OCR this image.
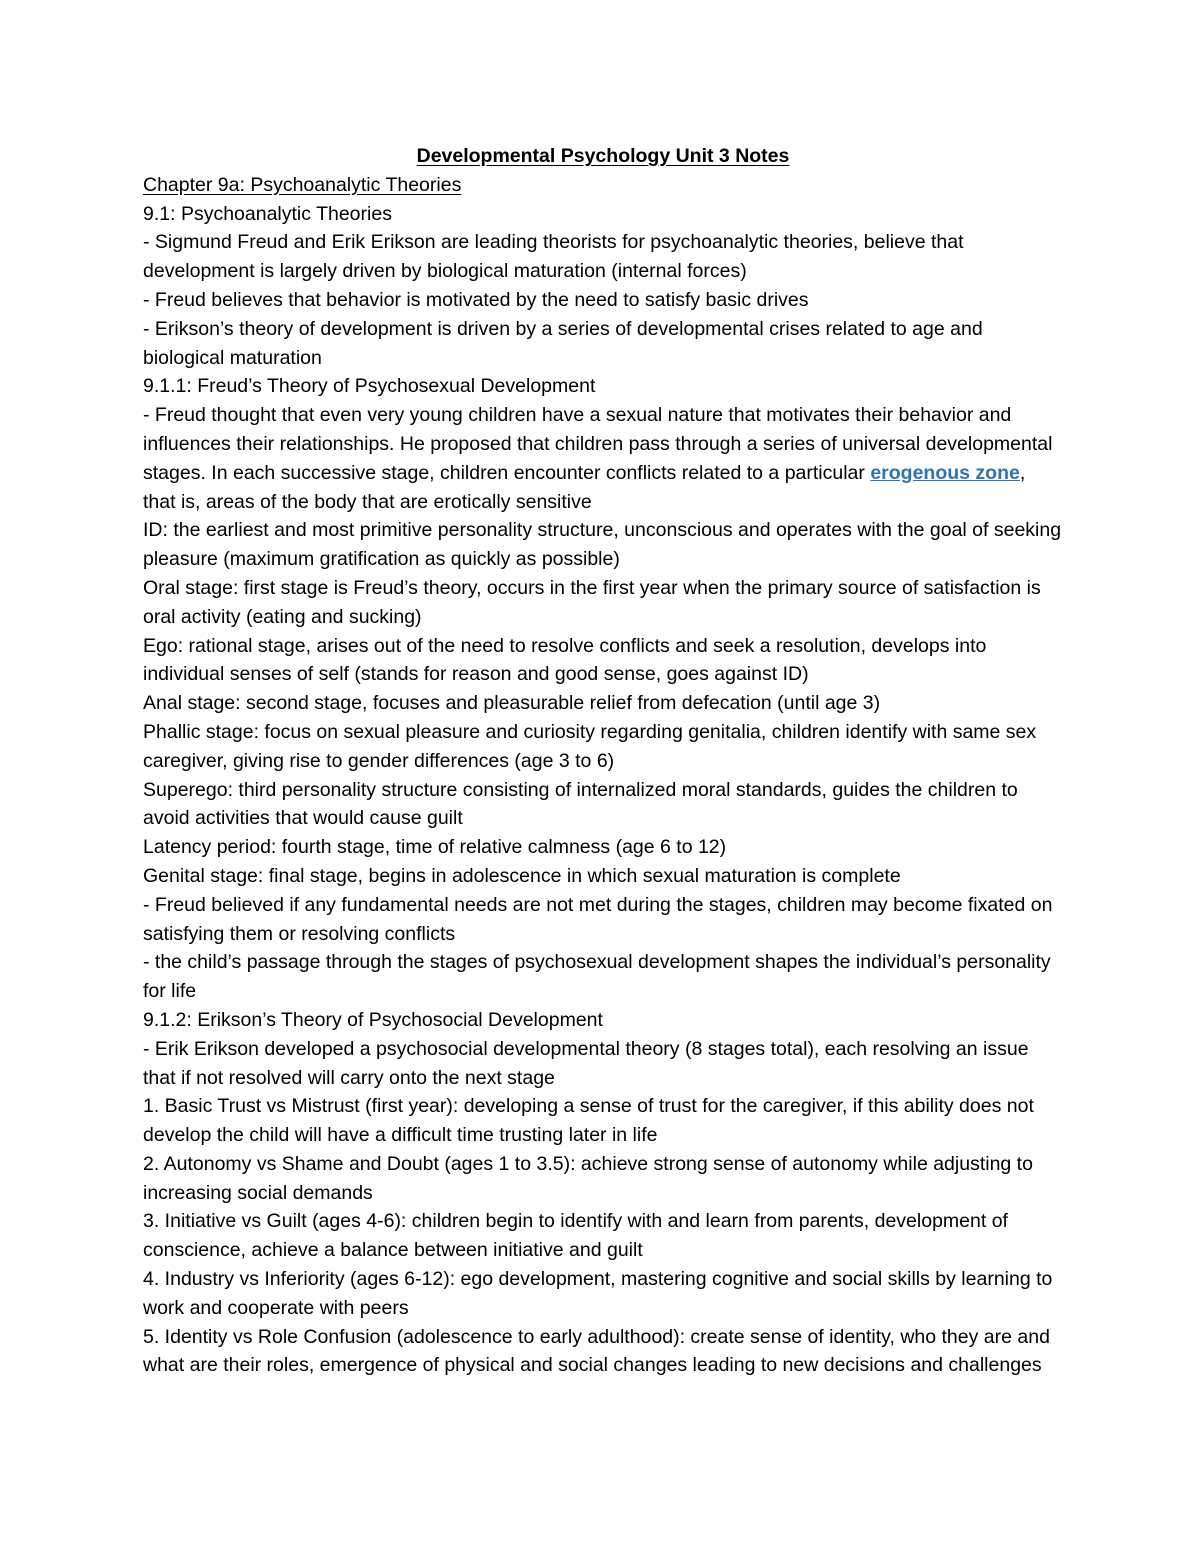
Developmental Psychology Unit 3 Notes

Chapter 9a: Psychoanalytic Theories

9.1: Psychoanalytic Theories

- Sigmund Freud and Erik Erikson are leading theorists for psychoanalytic theories, believe that development is largely driven by biological maturation (internal forces)

- Freud believes that behavior is motivated by the need to satisfy basic drives

- Erikson’s theory of development is driven by a series of developmental crises related to age and biological maturation

9.1.1: Freud’s Theory of Psychosexual Development

- Freud thought that even very young children have a sexual nature that motivates their behavior and influences their relationships. He proposed that children pass through a series of universal developmental stages. In each successive stage, children encounter conflicts related to a particular erogenous zone, that is, areas of the body that are erotically sensitive

ID: the earliest and most primitive personality structure, unconscious and operates with the goal of seeking pleasure (maximum gratification as quickly as possible)

Oral stage: first stage is Freud’s theory, occurs in the first year when the primary source of satisfaction is oral activity (eating and sucking)

Ego: rational stage, arises out of the need to resolve conflicts and seek a resolution, develops into individual senses of self (stands for reason and good sense, goes against ID)

Anal stage: second stage, focuses and pleasurable relief from defecation (until age 3)

Phallic stage: focus on sexual pleasure and curiosity regarding genitalia, children identify with same sex caregiver, giving rise to gender differences (age 3 to 6)

Superego: third personality structure consisting of internalized moral standards, guides the children to avoid activities that would cause guilt

Latency period: fourth stage, time of relative calmness (age 6 to 12)

Genital stage: final stage, begins in adolescence in which sexual maturation is complete

- Freud believed if any fundamental needs are not met during the stages, children may become fixated on satisfying them or resolving conflicts

- the child’s passage through the stages of psychosexual development shapes the individual’s personality for life

9.1.2: Erikson’s Theory of Psychosocial Development

- Erik Erikson developed a psychosocial developmental theory (8 stages total), each resolving an issue that if not resolved will carry onto the next stage

1. Basic Trust vs Mistrust (first year): developing a sense of trust for the caregiver, if this ability does not develop the child will have a difficult time trusting later in life

2. Autonomy vs Shame and Doubt (ages 1 to 3.5): achieve strong sense of autonomy while adjusting to increasing social demands

3. Initiative vs Guilt (ages 4-6): children begin to identify with and learn from parents, development of conscience, achieve a balance between initiative and guilt

4. Industry vs Inferiority (ages 6-12): ego development, mastering cognitive and social skills by learning to work and cooperate with peers

5. Identity vs Role Confusion (adolescence to early adulthood): create sense of identity, who they are and what are their roles, emergence of physical and social changes leading to new decisions and challenges
